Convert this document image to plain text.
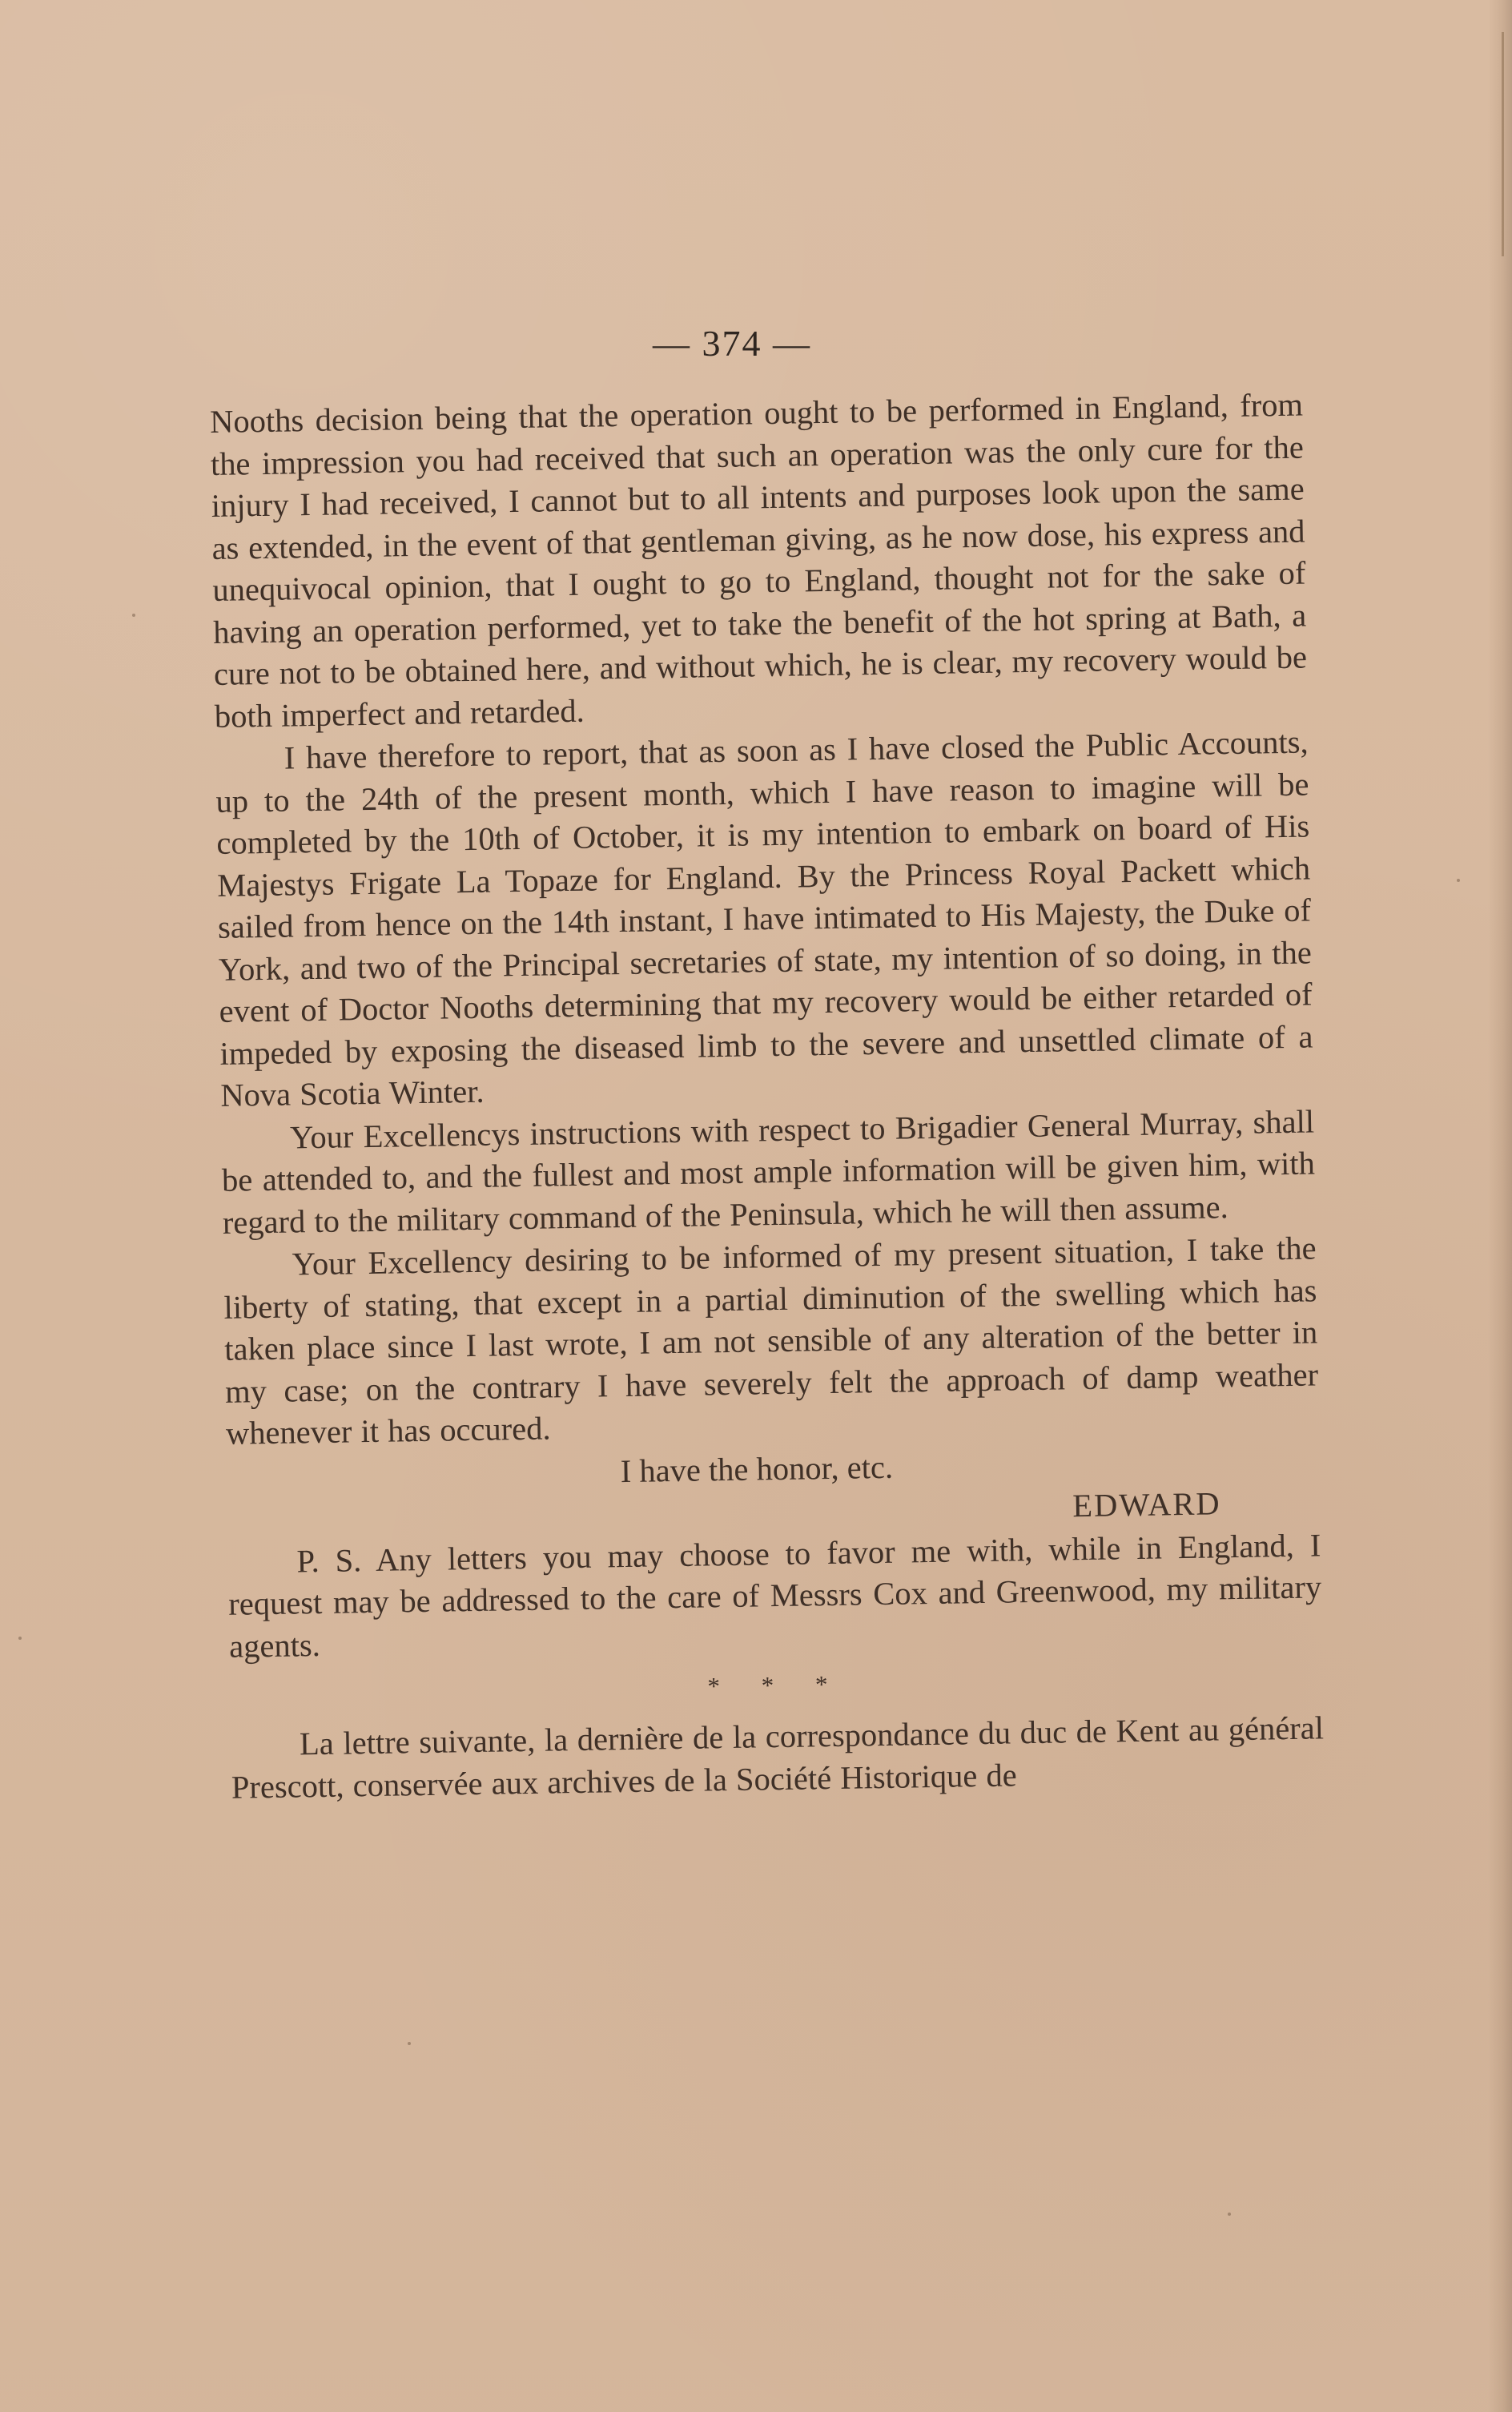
— 374 —

Nooths decision being that the operation ought to be performed in England, from the impression you had received that such an operation was the only cure for the injury I had received, I cannot but to all intents and purposes look upon the same as extended, in the event of that gentleman giving, as he now dose, his express and unequivocal opinion, that I ought to go to England, thought not for the sake of having an operation performed, yet to take the benefit of the hot spring at Bath, a cure not to be obtained here, and without which, he is clear, my recovery would be both imperfect and retarded.

I have therefore to report, that as soon as I have closed the Public Accounts, up to the 24th of the present month, which I have reason to imagine will be completed by the 10th of October, it is my intention to embark on board of His Majestys Frigate La Topaze for England. By the Princess Royal Packett which sailed from hence on the 14th instant, I have intimated to His Majesty, the Duke of York, and two of the Principal secretaries of state, my intention of so doing, in the event of Doctor Nooths determining that my recovery would be either retarded of impeded by exposing the diseased limb to the severe and unsettled climate of a Nova Scotia Winter.

Your Excellencys instructions with respect to Brigadier General Murray, shall be attended to, and the fullest and most ample information will be given him, with regard to the military command of the Peninsula, which he will then assume.

Your Excellency desiring to be informed of my present situation, I take the liberty of stating, that except in a partial diminution of the swelling which has taken place since I last wrote, I am not sensible of any alteration of the better in my case; on the contrary I have severely felt the approach of damp weather whenever it has occured.

I have the honor, etc.

EDWARD

P. S. Any letters you may choose to favor me with, while in England, I request may be addressed to the care of Messrs Cox and Greenwood, my military agents.

* * *

La lettre suivante, la dernière de la correspondance du duc de Kent au général Prescott, conservée aux archives de la Société Historique de
